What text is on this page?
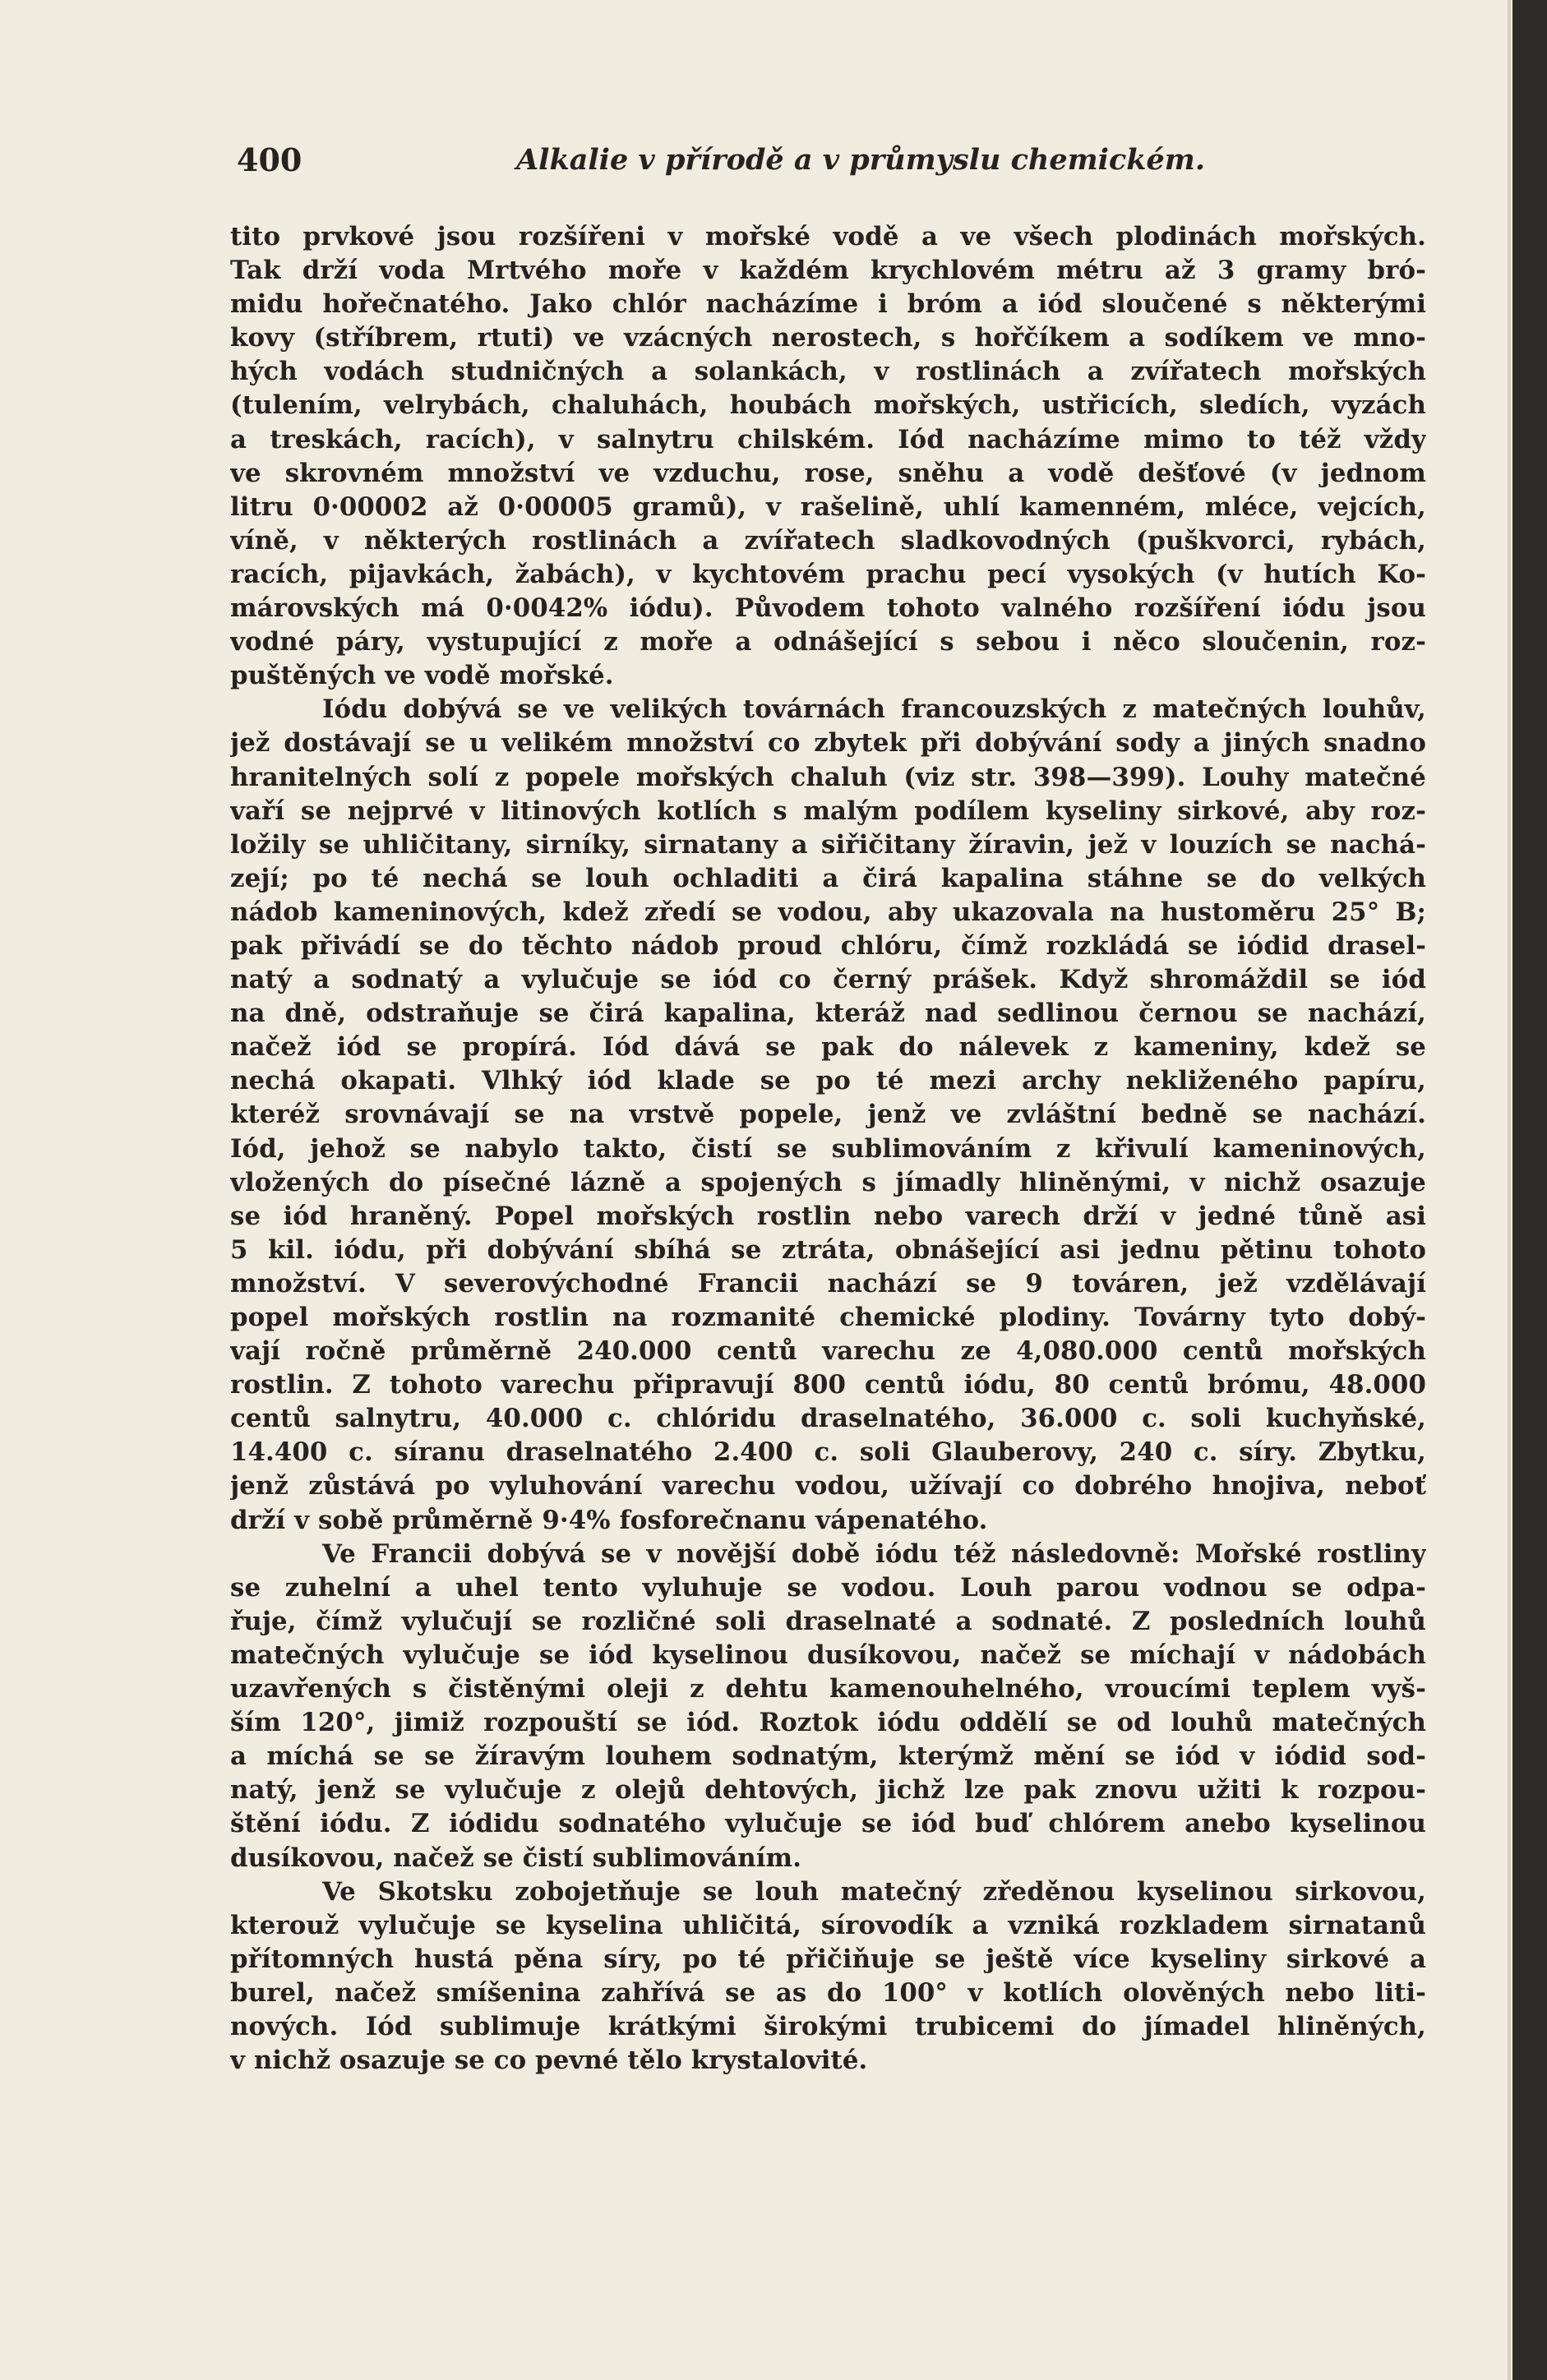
400	Alkalie v přírodě a v průmyslu chemickém.
tito prvkové jsou rozšířeni v mořské vodě a ve všech plodinách mořských.
Tak drží voda Mrtvého moře v každém krychlovém métru až 3 gramy bró-
midu hořečnatého. Jako chlór nacházíme i bróm a iód sloučené s některými
kovy (stříbrem, rtuti) ve vzácných nerostech, s hořčíkem a sodíkem ve mno-
hých vodách studničných a solankách, v rostlinách a zvířatech mořských
(tulením, velrybách, chaluhách, houbách mořských, ustřicích, sledích, vyzách
a treskách, racích), v salnytru chilském. Iód nacházíme mimo to též vždy
ve skrovném množství ve vzduchu, rose, sněhu a vodě dešťové (v jednom
litru 0·00002 až 0·00005 gramů), v rašelině, uhlí kamenném, mléce, vejcích,
víně, v některých rostlinách a zvířatech sladkovodných (puškvorci, rybách,
racích, pijavkách, žabách), v kychtovém prachu pecí vysokých (v hutích Ko-
márovských má 0·0042% iódu). Původem tohoto valného rozšíření iódu jsou
vodné páry, vystupující z moře a odnášející s sebou i něco sloučenin, roz-
puštěných ve vodě mořské.
Iódu dobývá se ve velikých továrnách francouzských z matečných louhův,
jež dostávají se u velikém množství co zbytek při dobývání sody a jiných snadno
hranitelných solí z popele mořských chaluh (viz str. 398—399). Louhy matečné
vaří se nejprvé v litinových kotlích s malým podílem kyseliny sirkové, aby roz-
ložily se uhličitany, sirníky, sirnatany a siřičitany žíravin, jež v louzích se nachá-
zejí; po té nechá se louh ochladiti a čirá kapalina stáhne se do velkých
nádob kameninových, kdež zředí se vodou, aby ukazovala na hustoměru 25° B;
pak přivádí se do těchto nádob proud chlóru, čímž rozkládá se iódid drasel-
natý a sodnatý a vylučuje se iód co černý prášek. Když shromáždil se iód
na dně, odstraňuje se čirá kapalina, kteráž nad sedlinou černou se nachází,
načež iód se propírá. Iód dává se pak do nálevek z kameniny, kdež se
nechá okapati. Vlhký iód klade se po té mezi archy nekliženého papíru,
kteréž srovnávají se na vrstvě popele, jenž ve zvláštní bedně se nachází.
Iód, jehož se nabylo takto, čistí se sublimováním z křivulí kameninových,
vložených do písečné lázně a spojených s jímadly hliněnými, v nichž osazuje
se iód hraněný. Popel mořských rostlin nebo varech drží v jedné tůně asi
5 kil. iódu, při dobývání sbíhá se ztráta, obnášející asi jednu pětinu tohoto
množství. V severovýchodné Francii nachází se 9 továren, jež vzdělávají
popel mořských rostlin na rozmanité chemické plodiny. Továrny tyto dobý-
vají ročně průměrně 240.000 centů varechu ze 4,080.000 centů mořských
rostlin. Z tohoto varechu připravují 800 centů iódu, 80 centů brómu, 48.000
centů salnytru, 40.000 c. chlóridu draselnatého, 36.000 c. soli kuchyňské,
14.400 c. síranu draselnatého 2.400 c. soli Glauberovy, 240 c. síry. Zbytku,
jenž zůstává po vyluhování varechu vodou, užívají co dobrého hnojiva, neboť
drží v sobě průměrně 9·4% fosforečnanu vápenatého.
Ve Francii dobývá se v novější době iódu též následovně: Mořské rostliny
se zuhelní a uhel tento vyluhuje se vodou. Louh parou vodnou se odpa-
řuje, čímž vylučují se rozličné soli draselnaté a sodnaté. Z posledních louhů
matečných vylučuje se iód kyselinou dusíkovou, načež se míchají v nádobách
uzavřených s čistěnými oleji z dehtu kamenouhelného, vroucími teplem vyš-
ším 120°, jimiž rozpouští se iód. Roztok iódu oddělí se od louhů matečných
a míchá se se žíravým louhem sodnatým, kterýmž mění se iód v iódid sod-
natý, jenž se vylučuje z olejů dehtových, jichž lze pak znovu užiti k rozpou-
štění iódu. Z iódidu sodnatého vylučuje se iód buď chlórem anebo kyselinou
dusíkovou, načež se čistí sublimováním.
Ve Skotsku zobojetňuje se louh matečný zředěnou kyselinou sirkovou,
kterouž vylučuje se kyselina uhličitá, sírovodík a vzniká rozkladem sirnatanů
přítomných hustá pěna síry, po té přičiňuje se ještě více kyseliny sirkové a
burel, načež smíšenina zahřívá se as do 100° v kotlích olověných nebo liti-
nových. Iód sublimuje krátkými širokými trubicemi do jímadel hliněných,
v nichž osazuje se co pevné tělo krystalovité.
